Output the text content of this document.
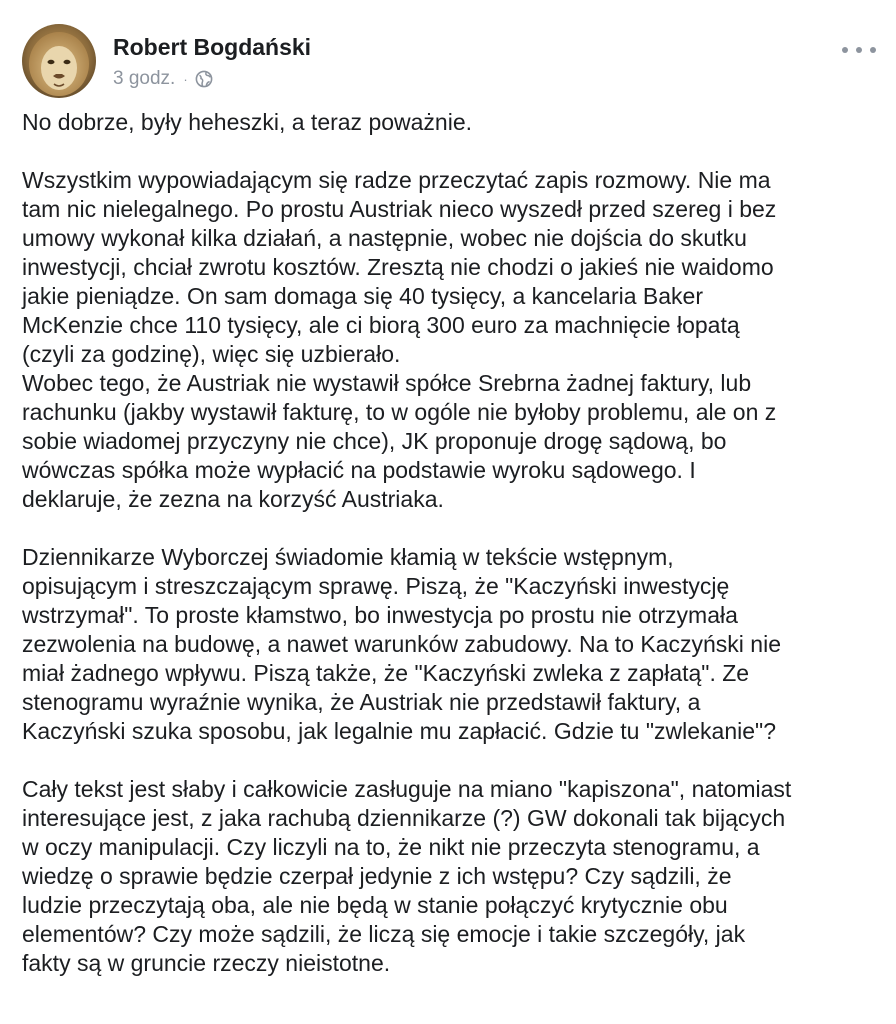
Robert Bogdański
3 godz. ·

No dobrze, były heheszki, a teraz poważnie.

Wszystkim wypowiadającym się radze przeczytać zapis rozmowy. Nie ma
tam nic nielegalnego. Po prostu Austriak nieco wyszedł przed szereg i bez
umowy wykonał kilka działań, a następnie, wobec nie dojścia do skutku
inwestycji, chciał zwrotu kosztów. Zresztą nie chodzi o jakieś nie waidomo
jakie pieniądze. On sam domaga się 40 tysięcy, a kancelaria Baker
McKenzie chce 110 tysięcy, ale ci biorą 300 euro za machnięcie łopatą
(czyli za godzinę), więc się uzbierało.
Wobec tego, że Austriak nie wystawił spółce Srebrna żadnej faktury, lub
rachunku (jakby wystawił fakturę, to w ogóle nie byłoby problemu, ale on z
sobie wiadomej przyczyny nie chce), JK proponuje drogę sądową, bo
wówczas spółka może wypłacić na podstawie wyroku sądowego. I
deklaruje, że zezna na korzyść Austriaka.

Dziennikarze Wyborczej świadomie kłamią w tekście wstępnym,
opisującym i streszczającym sprawę. Piszą, że "Kaczyński inwestycję
wstrzymał". To proste kłamstwo, bo inwestycja po prostu nie otrzymała
zezwolenia na budowę, a nawet warunków zabudowy. Na to Kaczyński nie
miał żadnego wpływu. Piszą także, że "Kaczyński zwleka z zapłatą". Ze
stenogramu wyraźnie wynika, że Austriak nie przedstawił faktury, a
Kaczyński szuka sposobu, jak legalnie mu zapłacić. Gdzie tu "zwlekanie"?

Cały tekst jest słaby i całkowicie zasługuje na miano "kapiszona", natomiast
interesujące jest, z jaka rachubą dziennikarze (?) GW dokonali tak bijących
w oczy manipulacji. Czy liczyli na to, że nikt nie przeczyta stenogramu, a
wiedzę o sprawie będzie czerpał jedynie z ich wstępu? Czy sądzili, że
ludzie przeczytają oba, ale nie będą w stanie połączyć krytycznie obu
elementów? Czy może sądzili, że liczą się emocje i takie szczegóły, jak
fakty są w gruncie rzeczy nieistotne.
